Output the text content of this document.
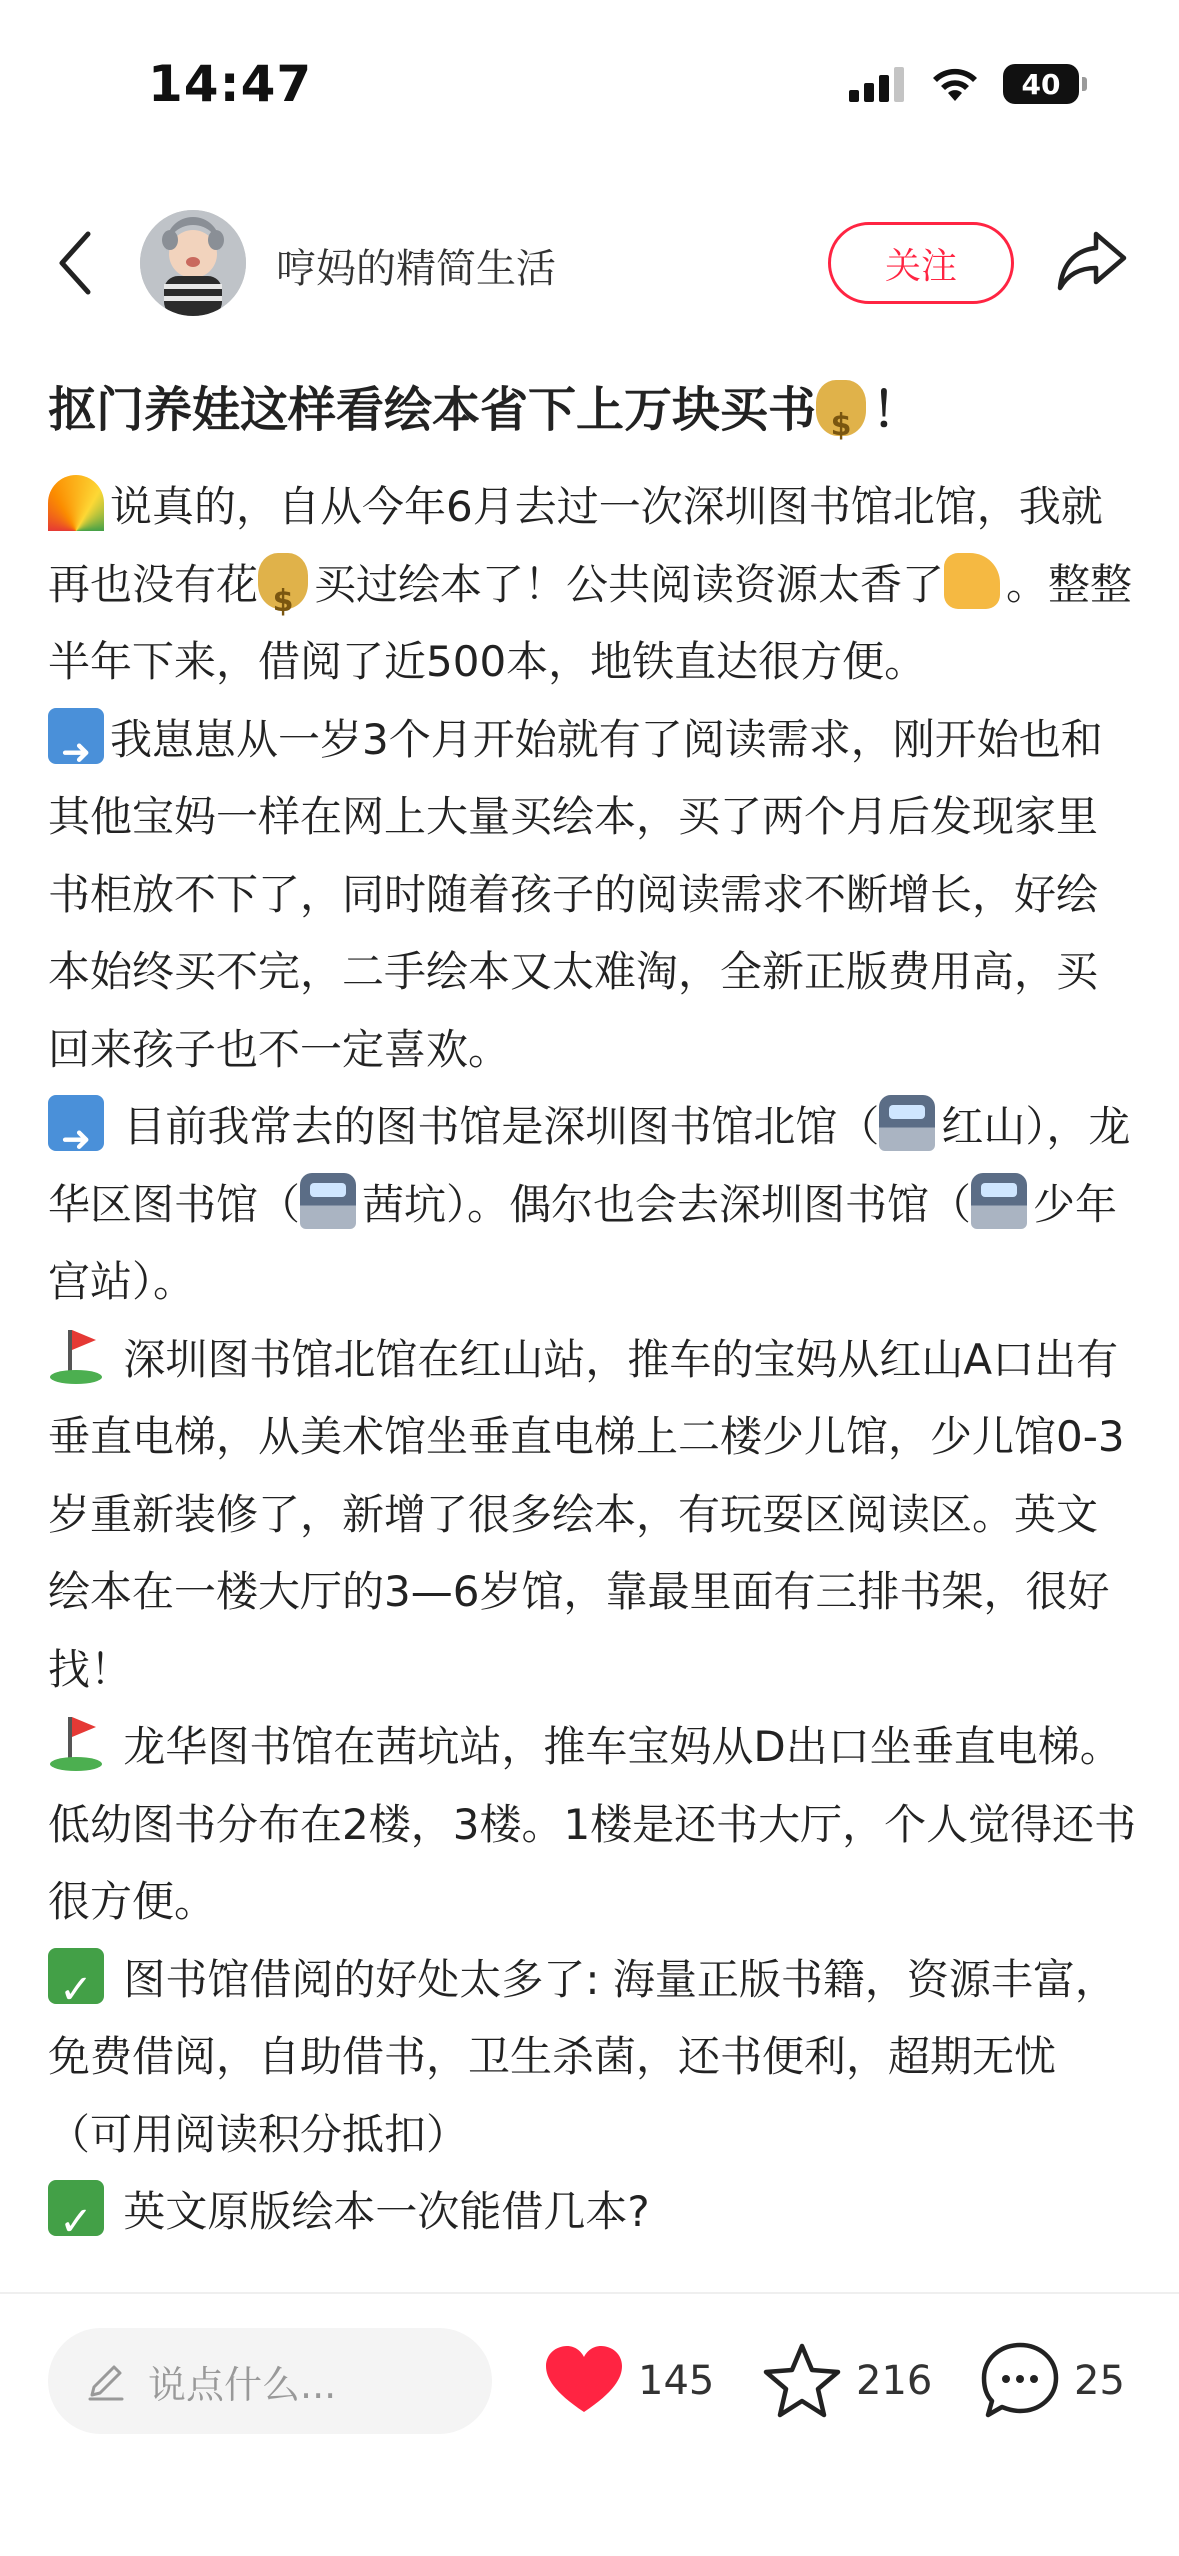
14:47	40
哼妈的精简生活	关注
抠门养娃这样看绘本省下上万块买书 $ ！

说真的，自从今年6月去过一次深圳图书馆北馆，我就再也没有花 $ 买过绘本了！公共阅读资源太香了 。整整半年下来，借阅了近500本，地铁直达很方便。

➜我崽崽从一岁3个月开始就有了阅读需求，刚开始也和其他宝妈一样在网上大量买绘本，买了两个月后发现家里书柜放不下了，同时随着孩子的阅读需求不断增长，好绘本始终买不完，二手绘本又太难淘，全新正版费用高，买回来孩子也不一定喜欢。

➜ 目前我常去的图书馆是深圳图书馆北馆（ 红山），龙华区图书馆（ 茜坑）。偶尔也会去深圳图书馆（ 少年宫站）。

深圳图书馆北馆在红山站，推车的宝妈从红山A口出有垂直电梯，从美术馆坐垂直电梯上二楼少儿馆，少儿馆0-3岁重新装修了，新增了很多绘本，有玩耍区阅读区。英文绘本在一楼大厅的3—6岁馆，靠最里面有三排书架，很好找！

龙华图书馆在茜坑站，推车宝妈从D出口坐垂直电梯。低幼图书分布在2楼，3楼。1楼是还书大厅，个人觉得还书很方便。

✓ 图书馆借阅的好处太多了: 海量正版书籍，资源丰富，免费借阅，自助借书，卫生杀菌，还书便利，超期无忧（可用阅读积分抵扣）

✓ 英文原版绘本一次能借几本?

说点什么...	145	216	25
